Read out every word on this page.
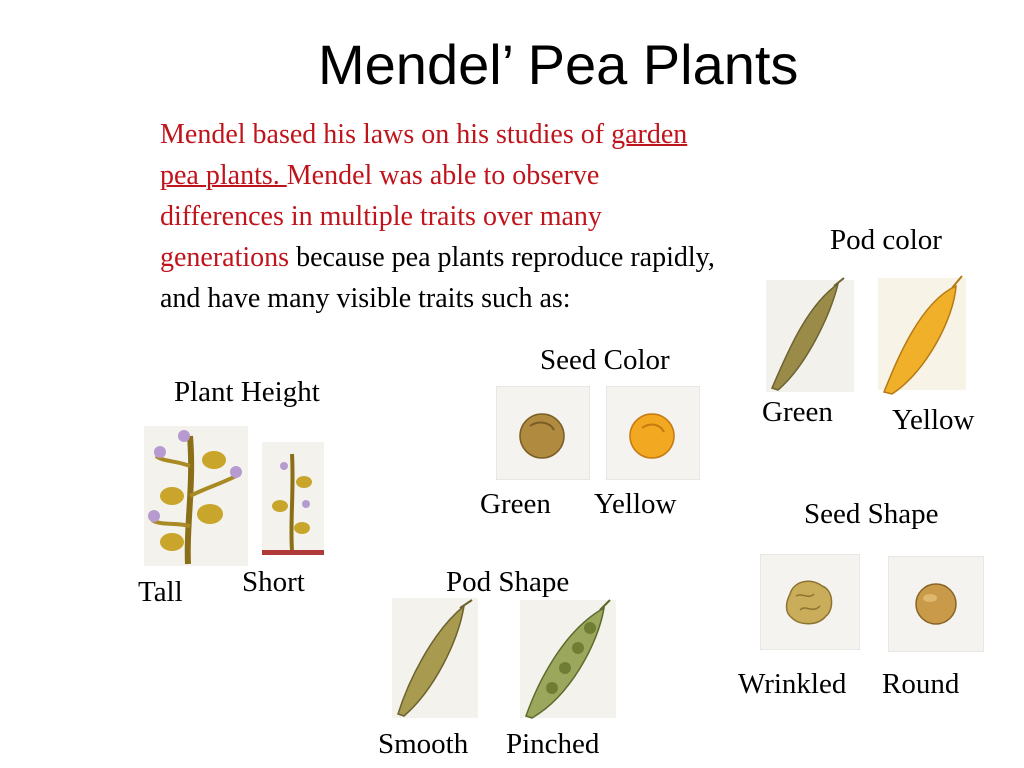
Mendel’ Pea Plants
Mendel based his laws on his studies of garden pea plants. Mendel was able to observe differences in multiple traits over many generations because pea plants reproduce rapidly, and have many visible traits such as:
Pod color
Green Yellow
Seed Color
Green Yellow
Plant Height
Tall Short
Seed Shape
Wrinkled Round
Pod Shape
Smooth Pinched
